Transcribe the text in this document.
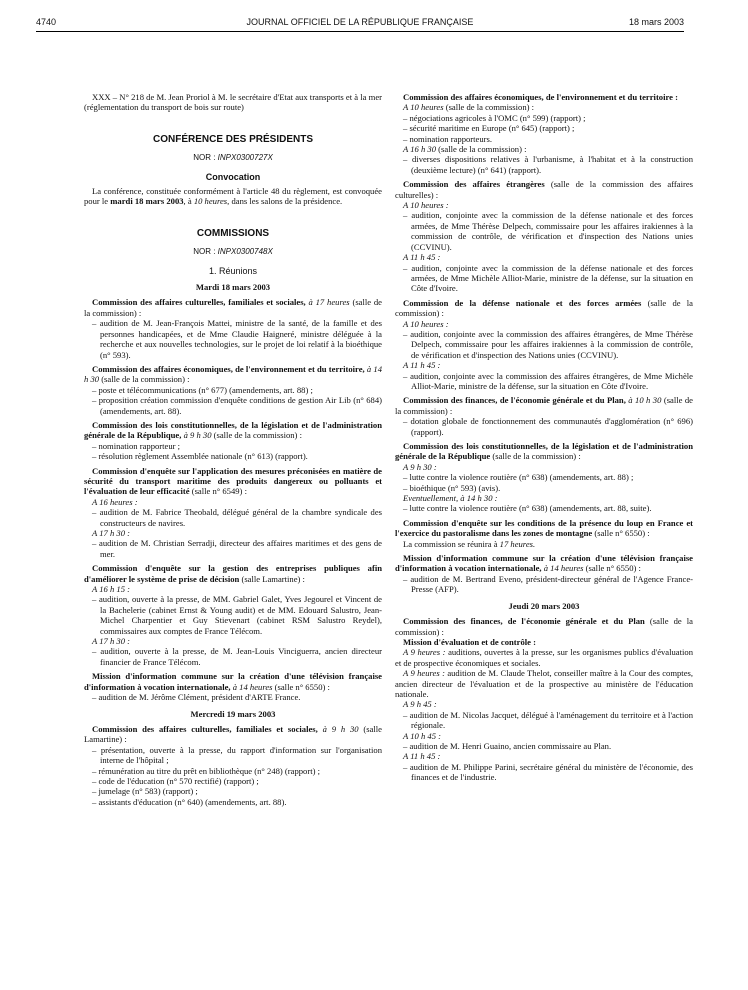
4740	JOURNAL OFFICIEL DE LA RÉPUBLIQUE FRANÇAISE	18 mars 2003

XXX – N° 218 de M. Jean Proriol à M. le secrétaire d'Etat aux transports et à la mer (réglementation du transport de bois sur route)

CONFÉRENCE DES PRÉSIDENTS
NOR : INPX0300727X
Convocation

La conférence, constituée conformément à l'article 48 du règlement, est convoquée pour le mardi 18 mars 2003, à 10 heures, dans les salons de la présidence.

COMMISSIONS
NOR : INPX0300748X
1. Réunions
Mardi 18 mars 2003

Commission des affaires culturelles, familiales et sociales, à 17 heures (salle de la commission) :

– audition de M. Jean-François Mattei, ministre de la santé, de la famille et des personnes handicapées, et de Mme Claudie Haigneré, ministre déléguée à la recherche et aux nouvelles technologies, sur le projet de loi relatif à la bioéthique (n° 593).

Commission des affaires économiques, de l'environnement et du territoire, à 14 h 30 (salle de la commission) :

– poste et télécommunications (n° 677) (amendements, art. 88) ;

– proposition création commission d'enquête conditions de gestion Air Lib (n° 684) (amendements, art. 88).

Commission des lois constitutionnelles, de la législation et de l'administration générale de la République, à 9 h 30 (salle de la commission) :

– nomination rapporteur ;

– résolution règlement Assemblée nationale (n° 613) (rapport).

Commission d'enquête sur l'application des mesures préconisées en matière de sécurité du transport maritime des produits dangereux ou polluants et l'évaluation de leur efficacité (salle n° 6549) :

A 16 heures :

– audition de M. Fabrice Theobald, délégué général de la chambre syndicale des constructeurs de navires.

A 17 h 30 :

– audition de M. Christian Serradji, directeur des affaires maritimes et des gens de mer.

Commission d'enquête sur la gestion des entreprises publiques afin d'améliorer le système de prise de décision (salle Lamartine) :

A 16 h 15 :

– audition, ouverte à la presse, de MM. Gabriel Galet, Yves Jegourel et Vincent de la Bachelerie (cabinet Ernst & Young audit) et de MM. Edouard Salustro, Jean-Michel Charpentier et Guy Stievenart (cabinet RSM Salustro Reydel), commissaires aux comptes de France Télécom.

A 17 h 30 :

– audition, ouverte à la presse, de M. Jean-Louis Vinciguerra, ancien directeur financier de France Télécom.

Mission d'information commune sur la création d'une télévision française d'information à vocation internationale, à 14 heures (salle n° 6550) :

– audition de M. Jérôme Clément, président d'ARTE France.

Mercredi 19 mars 2003

Commission des affaires culturelles, familiales et sociales, à 9 h 30 (salle Lamartine) :

– présentation, ouverte à la presse, du rapport d'information sur l'organisation interne de l'hôpital ;

– rémunération au titre du prêt en bibliothèque (n° 248) (rapport) ;

– code de l'éducation (n° 570 rectifié) (rapport) ;

– jumelage (n° 583) (rapport) ;

– assistants d'éducation (n° 640) (amendements, art. 88).

Commission des affaires économiques, de l'environnement et du territoire :

A 10 heures (salle de la commission) :

– négociations agricoles à l'OMC (n° 599) (rapport) ;

– sécurité maritime en Europe (n° 645) (rapport) ;

– nomination rapporteurs.

A 16 h 30 (salle de la commission) :

– diverses dispositions relatives à l'urbanisme, à l'habitat et à la construction (deuxième lecture) (n° 641) (rapport).

Commission des affaires étrangères (salle de la commission des affaires culturelles) :

A 10 heures :

– audition, conjointe avec la commission de la défense nationale et des forces armées, de Mme Thérèse Delpech, commissaire pour les affaires irakiennes à la commission de contrôle, de vérification et d'inspection des Nations unies (CCVINU).

A 11 h 45 :

– audition, conjointe avec la commission de la défense nationale et des forces armées, de Mme Michèle Alliot-Marie, ministre de la défense, sur la situation en Côte d'Ivoire.

Commission de la défense nationale et des forces armées (salle de la commission) :

A 10 heures :

– audition, conjointe avec la commission des affaires étrangères, de Mme Thérèse Delpech, commissaire pour les affaires irakiennes à la commission de contrôle, de vérification et d'inspection des Nations unies (CCVINU).

A 11 h 45 :

– audition, conjointe avec la commission des affaires étrangères, de Mme Michèle Alliot-Marie, ministre de la défense, sur la situation en Côte d'Ivoire.

Commission des finances, de l'économie générale et du Plan, à 10 h 30 (salle de la commission) :

– dotation globale de fonctionnement des communautés d'agglomération (n° 696) (rapport).

Commission des lois constitutionnelles, de la législation et de l'administration générale de la République (salle de la commission) :

A 9 h 30 :

– lutte contre la violence routière (n° 638) (amendements, art. 88) ;

– bioéthique (n° 593) (avis).

Eventuellement, à 14 h 30 :

– lutte contre la violence routière (n° 638) (amendements, art. 88, suite).

Commission d'enquête sur les conditions de la présence du loup en France et l'exercice du pastoralisme dans les zones de montagne (salle n° 6550) :

La commission se réunira à 17 heures.

Mission d'information commune sur la création d'une télévision française d'information à vocation internationale, à 14 heures (salle n° 6550) :

– audition de M. Bertrand Eveno, président-directeur général de l'Agence France-Presse (AFP).

Jeudi 20 mars 2003

Commission des finances, de l'économie générale et du Plan (salle de la commission) :

Mission d'évaluation et de contrôle :

A 9 heures : auditions, ouvertes à la presse, sur les organismes publics d'évaluation et de prospective économiques et sociales.

A 9 heures : audition de M. Claude Thelot, conseiller maître à la Cour des comptes, ancien directeur de l'évaluation et de la prospective au ministère de l'éducation nationale.

A 9 h 45 :

– audition de M. Nicolas Jacquet, délégué à l'aménagement du territoire et à l'action régionale.

A 10 h 45 :

– audition de M. Henri Guaino, ancien commissaire au Plan.

A 11 h 45 :

– audition de M. Philippe Parini, secrétaire général du ministère de l'économie, des finances et de l'industrie.
